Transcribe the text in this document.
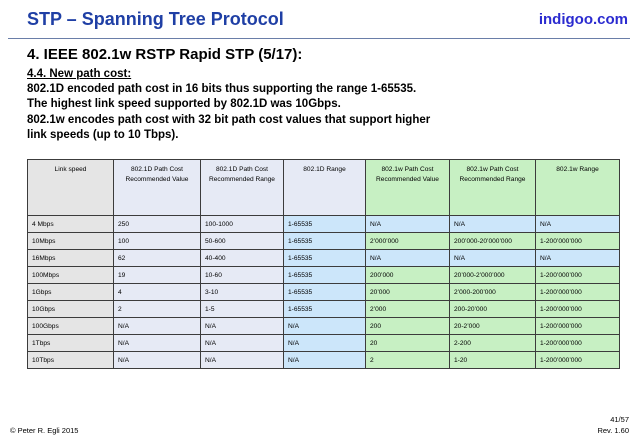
STP – Spanning Tree Protocol	indigoo.com
4. IEEE 802.1w RSTP Rapid STP (5/17):
4.4. New path cost:
802.1D encoded path cost in 16 bits thus supporting the range 1-65535.
The highest link speed supported by 802.1D was 10Gbps.
802.1w encodes path cost with 32 bit path cost values that support higher
link speeds (up to 10 Tbps).
Link speed	802.1D Path Cost Recommended Value	802.1D Path Cost Recommended Range	802.1D Range	802.1w Path Cost Recommended Value	802.1w Path Cost Recommended Range	802.1w Range
4 Mbps	250	100-1000	1-65535	N/A	N/A	N/A
10Mbps	100	50-600	1-65535	2’000’000	200’000-20’000’000	1-200’000’000
16Mbps	62	40-400	1-65535	N/A	N/A	N/A
100Mbps	19	10-60	1-65535	200’000	20’000-2’000’000	1-200’000’000
1Gbps	4	3-10	1-65535	20’000	2’000-200’000	1-200’000’000
10Gbps	2	1-5	1-65535	2’000	200-20’000	1-200’000’000
100Gbps	N/A	N/A	N/A	200	20-2’000	1-200’000’000
1Tbps	N/A	N/A	N/A	20	2-200	1-200’000’000
10Tbps	N/A	N/A	N/A	2	1-20	1-200’000’000
© Peter R. Egli 2015
41/57
Rev. 1.60
